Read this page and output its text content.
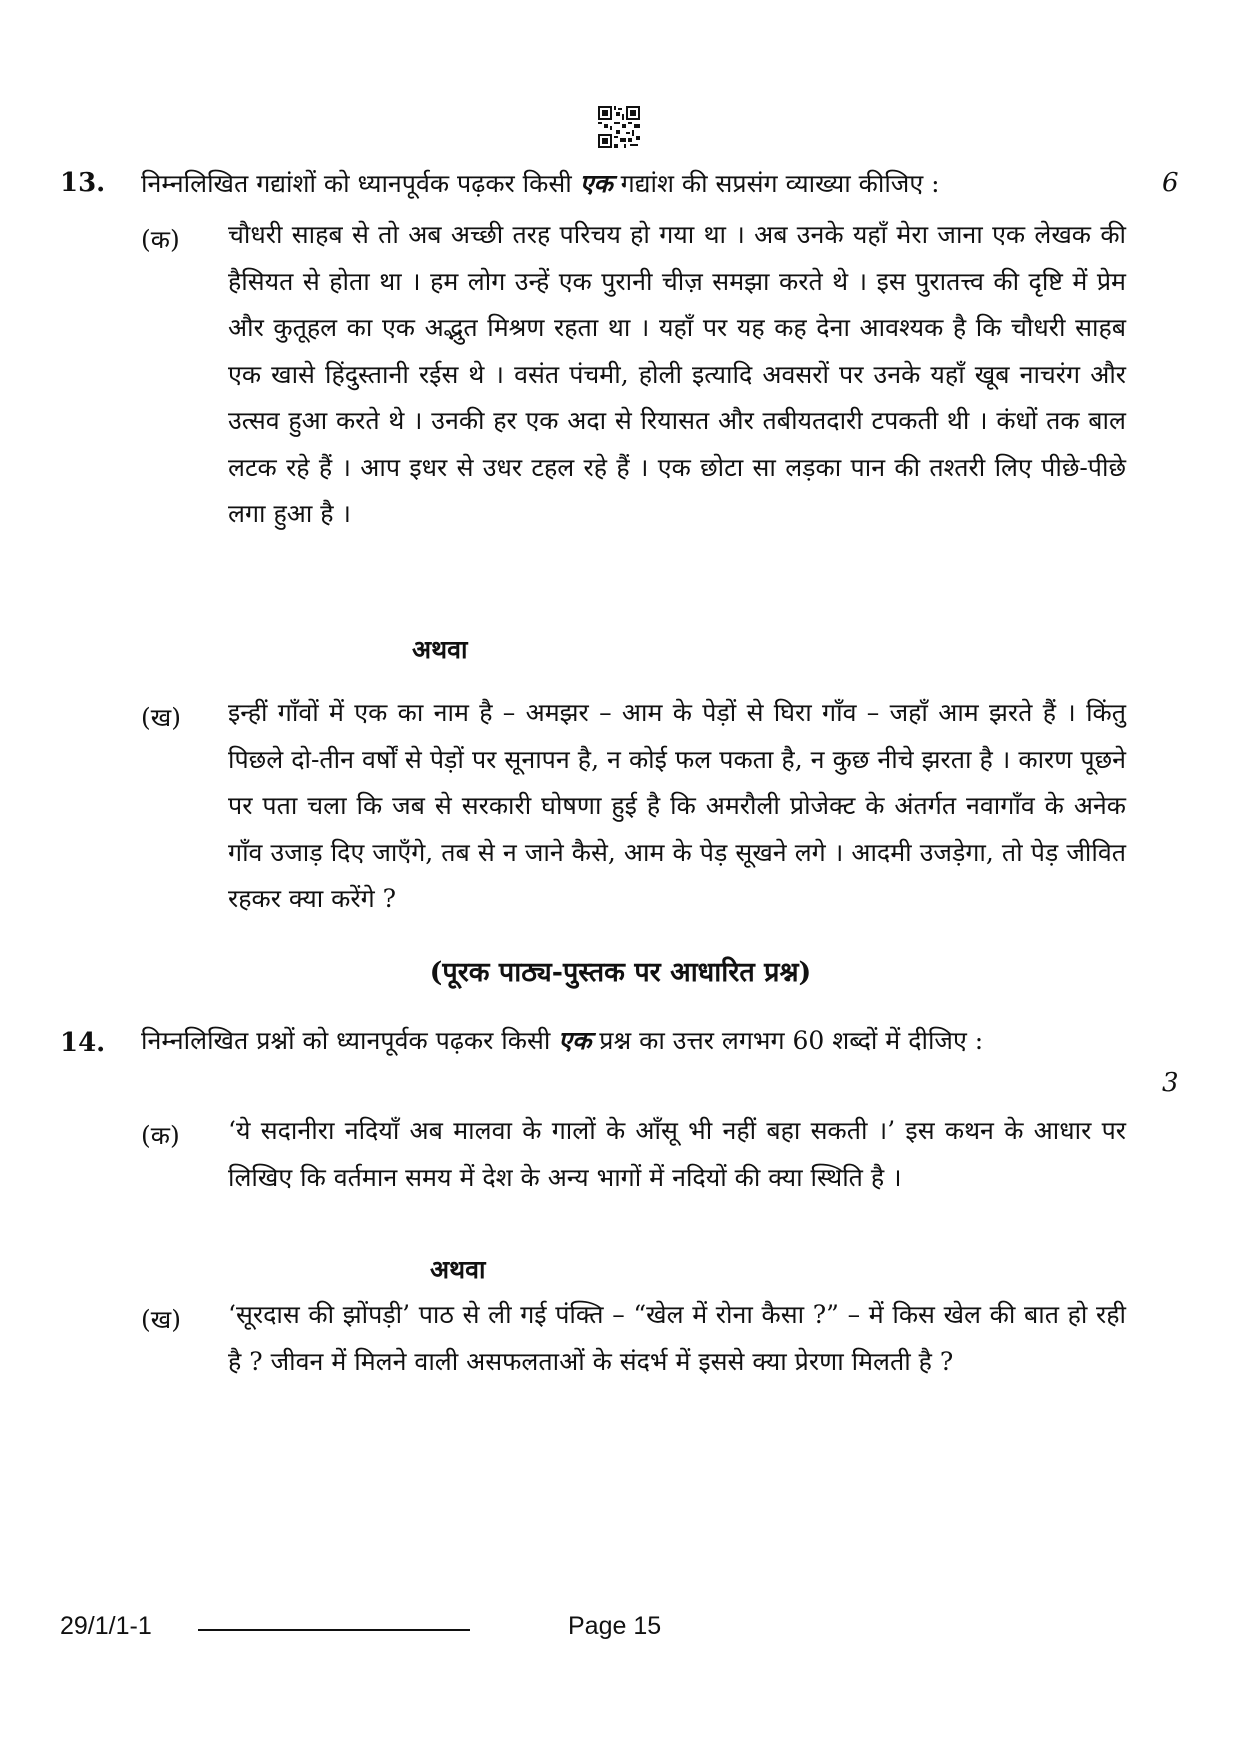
13. निम्नलिखित गद्यांशों को ध्यानपूर्वक पढ़कर किसी एक गद्यांश की सप्रसंग व्याख्या कीजिए :	6
(क) चौधरी साहब से तो अब अच्छी तरह परिचय हो गया था । अब उनके यहाँ मेरा जाना एक लेखक की हैसियत से होता था । हम लोग उन्हें एक पुरानी चीज़ समझा करते थे । इस पुरातत्त्व की दृष्टि में प्रेम और कुतूहल का एक अद्भुत मिश्रण रहता था । यहाँ पर यह कह देना आवश्यक है कि चौधरी साहब एक खासे हिंदुस्तानी रईस थे । वसंत पंचमी, होली इत्यादि अवसरों पर उनके यहाँ खूब नाचरंग और उत्सव हुआ करते थे । उनकी हर एक अदा से रियासत और तबीयतदारी टपकती थी । कंधों तक बाल लटक रहे हैं । आप इधर से उधर टहल रहे हैं । एक छोटा सा लड़का पान की तश्तरी लिए पीछे-पीछे लगा हुआ है ।

अथवा
(ख) इन्हीं गाँवों में एक का नाम है – अमझर – आम के पेड़ों से घिरा गाँव – जहाँ आम झरते हैं । किंतु पिछले दो-तीन वर्षों से पेड़ों पर सूनापन है, न कोई फल पकता है, न कुछ नीचे झरता है । कारण पूछने पर पता चला कि जब से सरकारी घोषणा हुई है कि अमरौली प्रोजेक्ट के अंतर्गत नवागाँव के अनेक गाँव उजाड़ दिए जाएँगे, तब से न जाने कैसे, आम के पेड़ सूखने लगे । आदमी उजड़ेगा, तो पेड़ जीवित रहकर क्या करेंगे ?

(पूरक पाठ्य-पुस्तक पर आधारित प्रश्न)
14. निम्नलिखित प्रश्नों को ध्यानपूर्वक पढ़कर किसी एक प्रश्न का उत्तर लगभग 60 शब्दों में दीजिए :
3
(क) ‘ये सदानीरा नदियाँ अब मालवा के गालों के आँसू भी नहीं बहा सकती ।’ इस कथन के आधार पर लिखिए कि वर्तमान समय में देश के अन्य भागों में नदियों की क्या स्थिति है ।

अथवा
(ख) ‘सूरदास की झोंपड़ी’ पाठ से ली गई पंक्ति – “खेल में रोना कैसा ?” – में किस खेल की बात हो रही है ? जीवन में मिलने वाली असफलताओं के संदर्भ में इससे क्या प्रेरणा मिलती है ?

29/1/1-1	Page 15
